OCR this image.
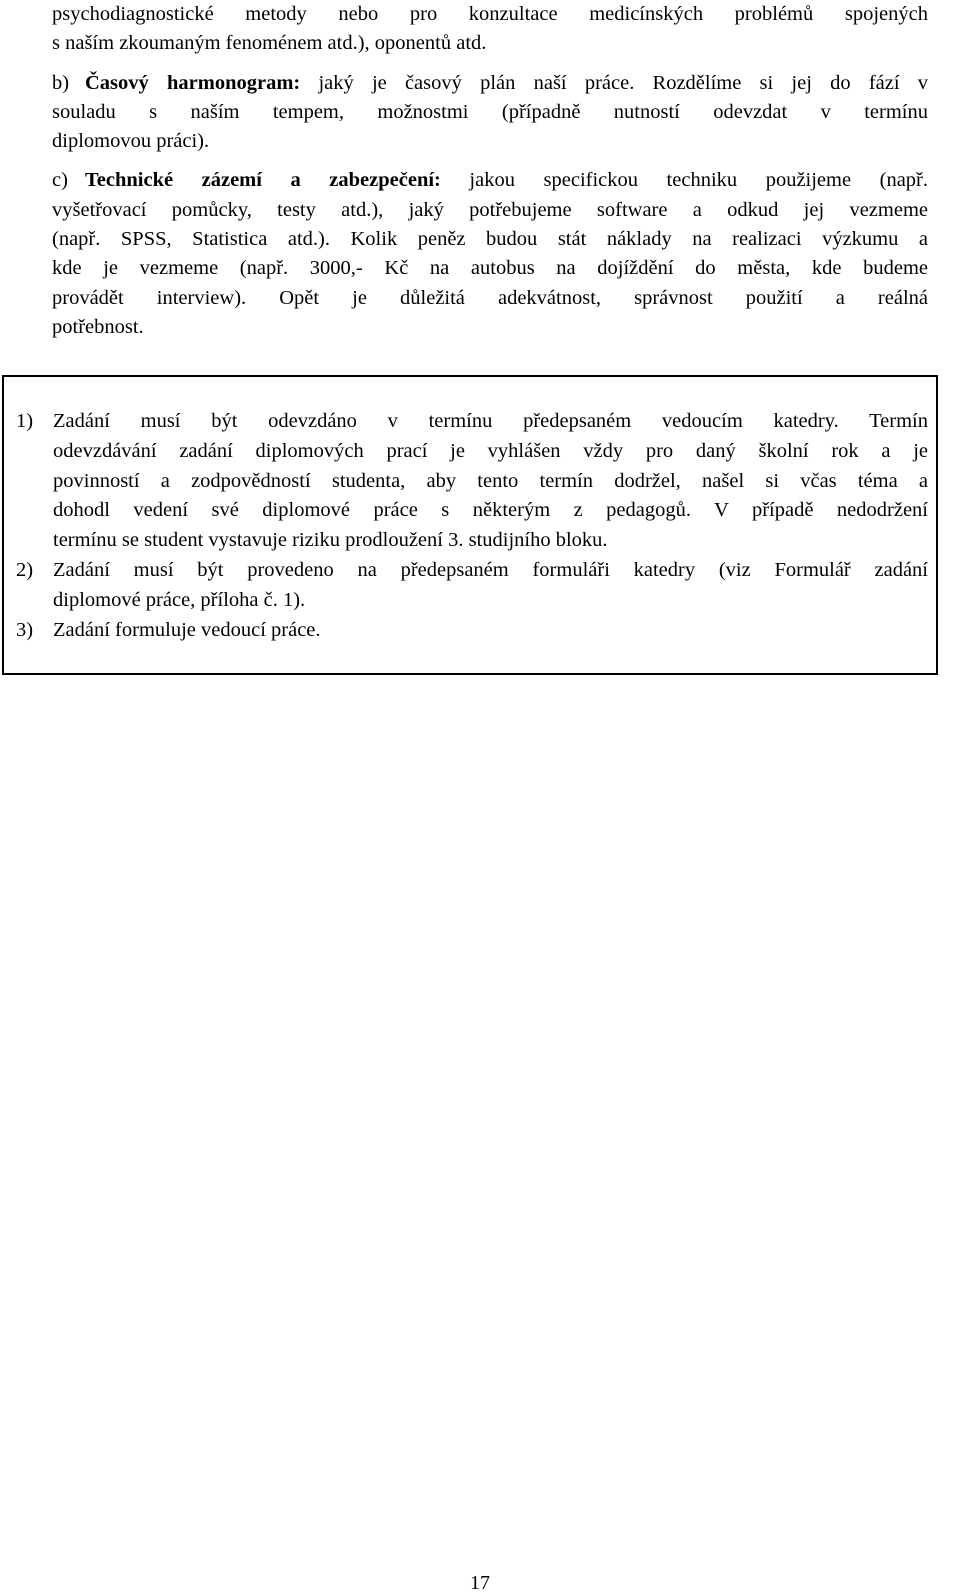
psychodiagnostické metody nebo pro konzultace medicínských problémů spojených
s naším zkoumaným fenoménem atd.), oponentů atd.
b) Časový harmonogram: jaký je časový plán naší práce. Rozdělíme si jej do fází v
souladu s naším tempem, možnostmi (případně nutností odevzdat v termínu
diplomovou práci).
c) Technické zázemí a zabezpečení: jakou specifickou techniku použijeme (např.
vyšetřovací pomůcky, testy atd.), jaký potřebujeme software a odkud jej vezmeme
(např. SPSS, Statistica atd.). Kolik peněz budou stát náklady na realizaci výzkumu a
kde je vezmeme (např. 3000,- Kč na autobus na dojíždění do města, kde budeme
provádět interview). Opět je důležitá adekvátnost, správnost použití a reálná
potřebnost.
1) Zadání musí být odevzdáno v termínu předepsaném vedoucím katedry. Termín
odevzdávání zadání diplomových prací je vyhlášen vždy pro daný školní rok a je
povinností a zodpovědností studenta, aby tento termín dodržel, našel si včas téma a
dohodl vedení své diplomové práce s některým z pedagogů. V případě nedodržení
termínu se student vystavuje riziku prodloužení 3. studijního bloku.
2) Zadání musí být provedeno na předepsaném formuláři katedry (viz Formulář zadání
diplomové práce, příloha č. 1).
3) Zadání formuluje vedoucí práce.
17
